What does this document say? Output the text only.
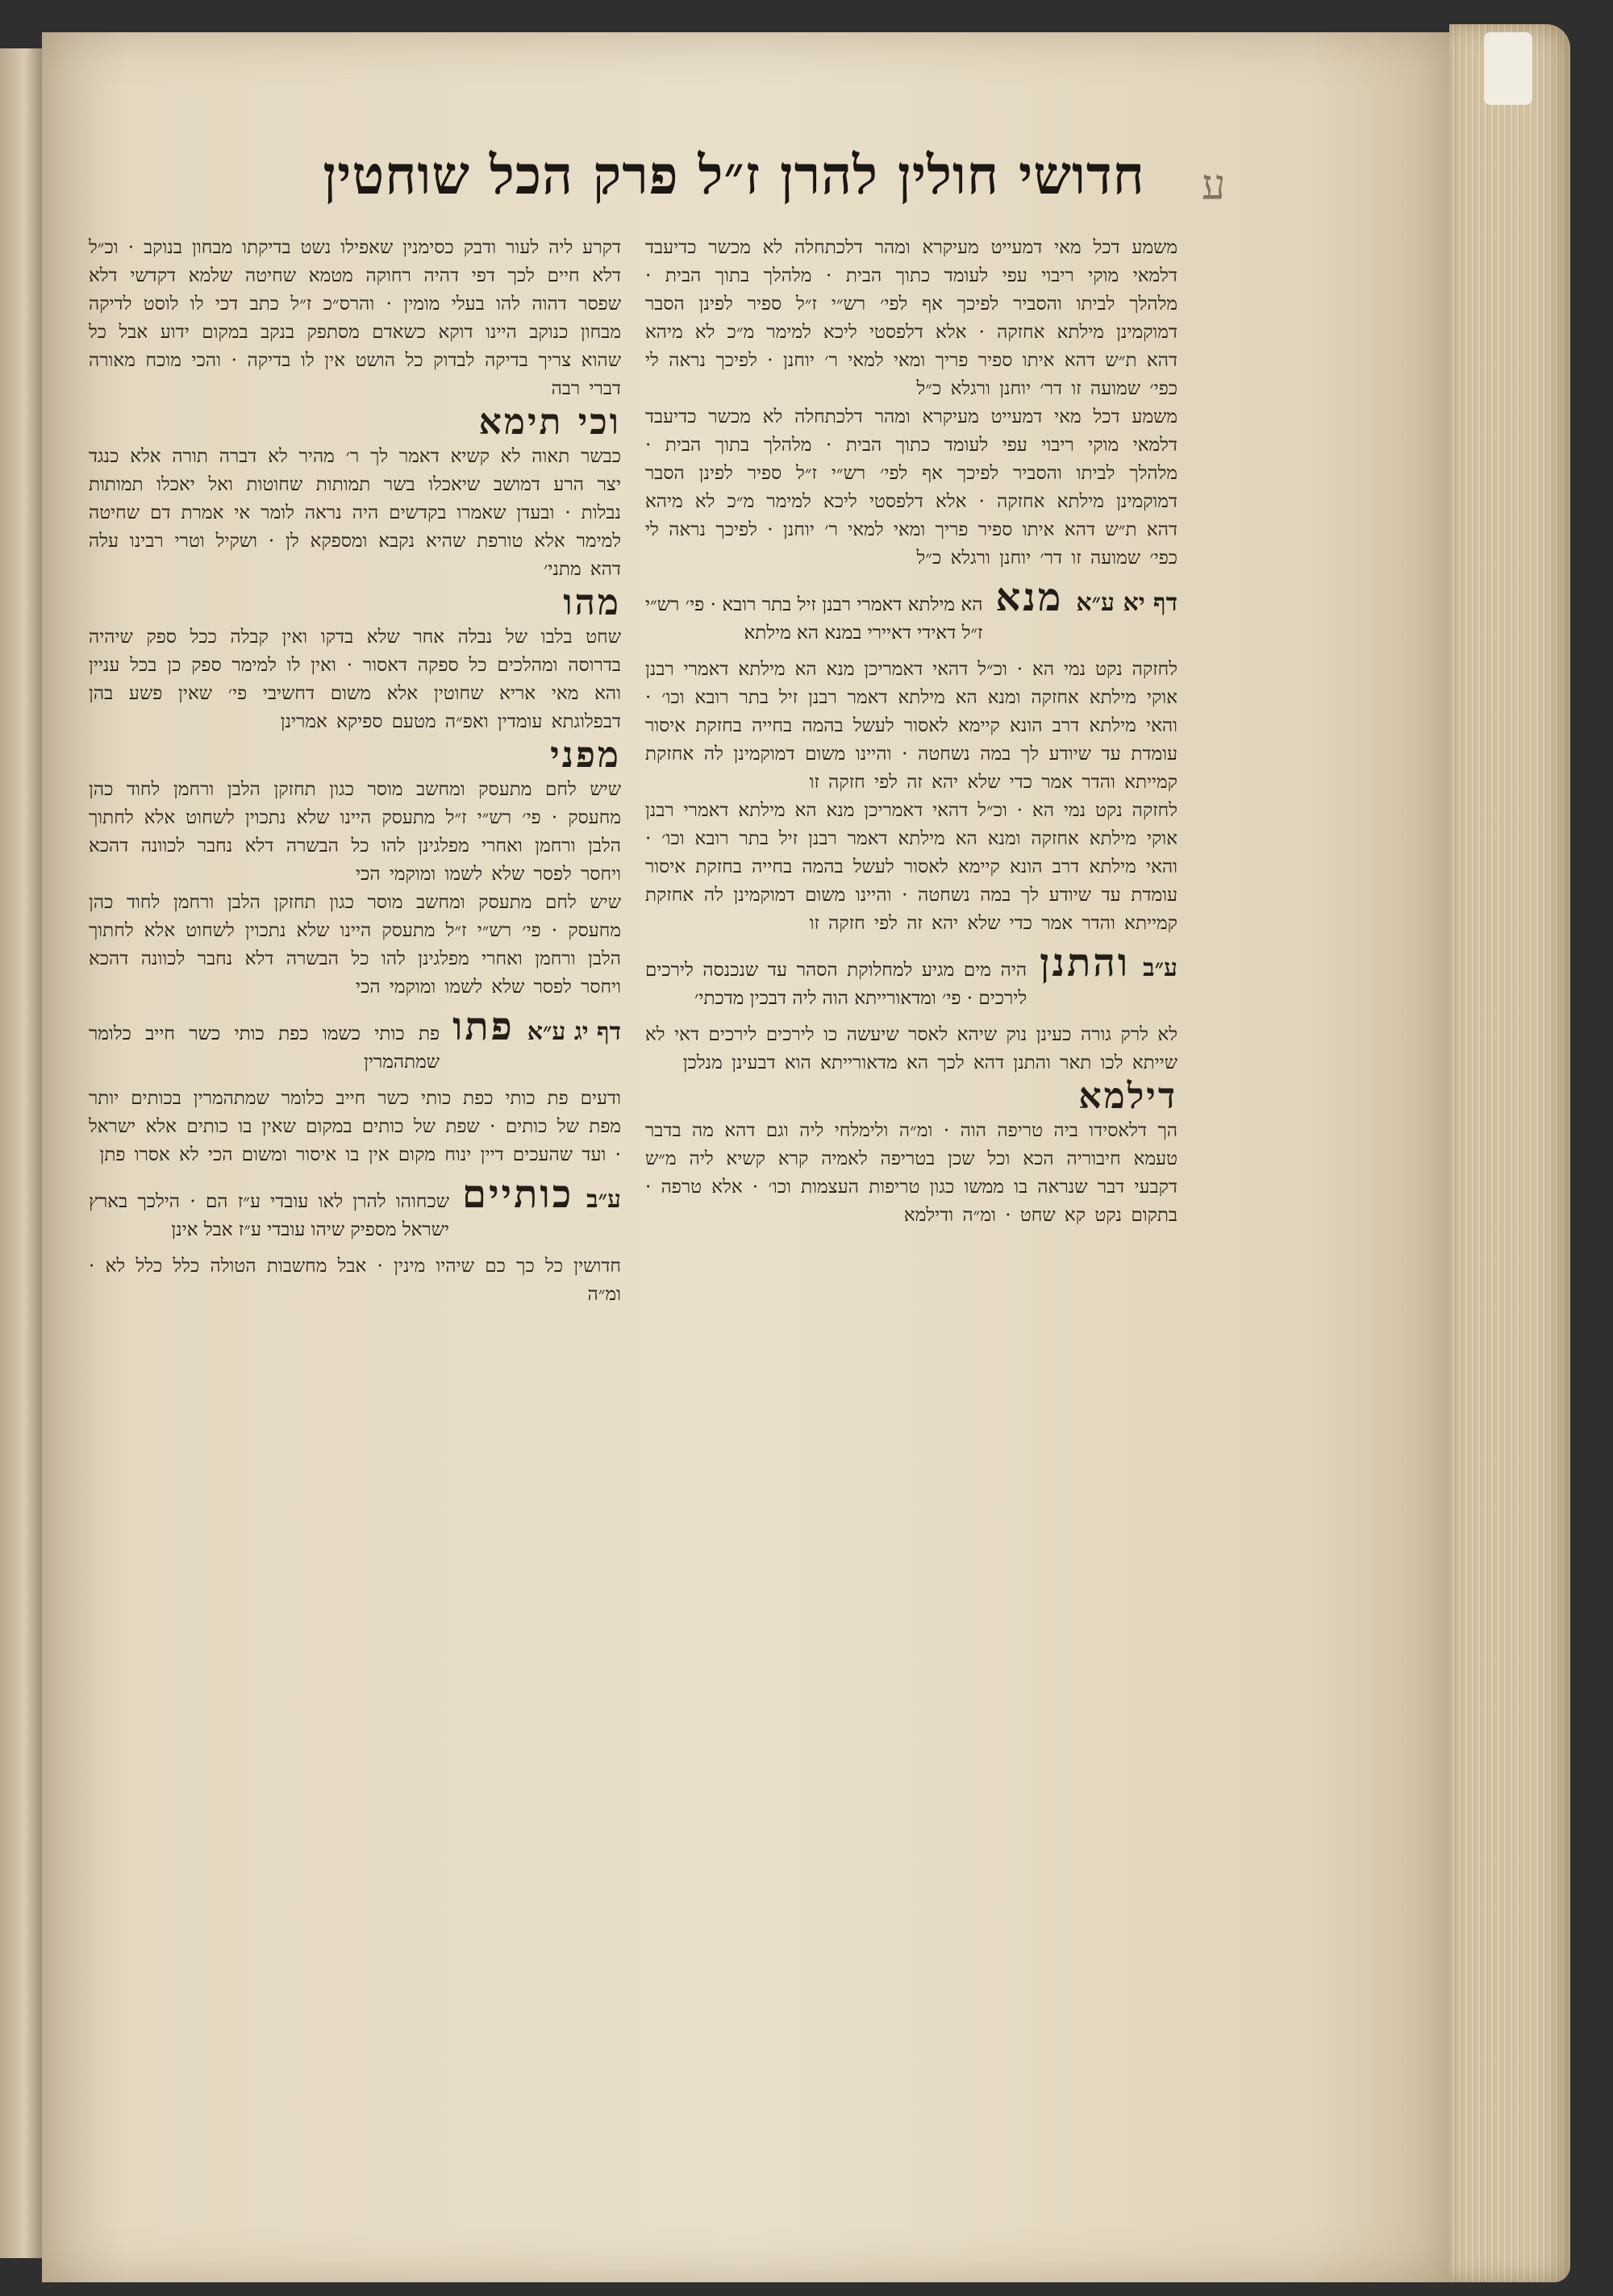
חדושי חולין להרן ז״ל פרק הכל שוחטין	ע

משמע דכל מאי דמעייט מעיקרא ומהר דלכתחלה לא מכשר כדיעבד דלמאי מוקי ריבוי עפי לעומד כתוך הבית · מלהלך בתוך הבית · מלהלך לביתו והסביר לפיכך אף לפי׳ רש״י ז״ל ספיר לפינן הסבר דמוקמינן מילתא אחזקה · אלא דלפסטי ליכא למימר מ״כ לא מיהא דהא ת״ש דהא איתו ספיר פריך ומאי למאי ר׳ יוחנן · לפיכך נראה לי כפי׳ שמועה זו דר׳ יוחנן ורגלא כ״ל

משמע דכל מאי דמעייט מעיקרא ומהר דלכתחלה לא מכשר כדיעבד דלמאי מוקי ריבוי עפי לעומד כתוך הבית · מלהלך בתוך הבית · מלהלך לביתו והסביר לפיכך אף לפי׳ רש״י ז״ל ספיר לפינן הסבר דמוקמינן מילתא אחזקה · אלא דלפסטי ליכא למימר מ״כ לא מיהא דהא ת״ש דהא איתו ספיר פריך ומאי למאי ר׳ יוחנן · לפיכך נראה לי כפי׳ שמועה זו דר׳ יוחנן ורגלא כ״ל

דף יא ע״א
מנא
הא מילתא דאמרי רבנן זיל בתר רובא · פי׳ רש״י ז״ל דאידי דאיירי במנא הא מילתא

לחזקה נקט נמי הא · וכ״ל דהאי דאמריכן מנא הא מילתא דאמרי רבנן אוקי מילתא אחזקה ומנא הא מילתא דאמר רבנן זיל בתר רובא וכו׳ · והאי מילתא דרב הונא קיימא לאסור לעשל בהמה בחייה בחזקת איסור עומדת עד שיודע לך במה נשחטה · והיינו משום דמוקמינן לה אחזקת קמייתא והדר אמר כדי שלא יהא זה לפי חזקה זו

לחזקה נקט נמי הא · וכ״ל דהאי דאמריכן מנא הא מילתא דאמרי רבנן אוקי מילתא אחזקה ומנא הא מילתא דאמר רבנן זיל בתר רובא וכו׳ · והאי מילתא דרב הונא קיימא לאסור לעשל בהמה בחייה בחזקת איסור עומדת עד שיודע לך במה נשחטה · והיינו משום דמוקמינן לה אחזקת קמייתא והדר אמר כדי שלא יהא זה לפי חזקה זו

ע״ב
והתנן
היה מים מגיע למחלוקת הסהר עד שנכנסה לירכים לירכים · פי׳ ומדאורייתא הוה ליה דבכין מדכתי׳

לא לרק גורה כעינן נוק שיהא לאסר שיעשה כו לירכים לירכים דאי לא שייתא לכו תאר והתנן דהא לכך הא מדאורייתא הוא דבעינן מנלכן

דילמא

הך דלאסידו ביה טריפה הוה · ומ״ה ולימלחי ליה וגם דהא מה בדבר טעמא חיבוריה הכא וכל שכן בטריפה לאמיה קרא קשיא ליה מ״ש דקבעי דבר שנראה בו ממשו כגון טריפות העצמות וכו׳ · אלא טרפה · בתקום נקט קא שחט · ומ״ה ודילמא

דקרע ליה לעור ודבק כסימנין שאפילו נשט בדיקתו מבחון בנוקב · וכ״ל דלא חיים לכך דפי דהיה רחוקה מטמא שחיטה שלמא דקדשי דלא שפסר דהוה להו בעלי מומין · והרס״כ ז״ל כתב דכי לו לוסט לדיקה מבחון כנוקב היינו דוקא כשאדם מסתפק בנקב במקום ידוע אבל כל שהוא צריך בדיקה לבדוק כל הושט אין לו בדיקה · והכי מוכח מאורה דברי רבה

וכי תימא

כבשר תאוה לא קשיא דאמר לך ר׳ מהיר לא דברה תורה אלא כנגד יצר הרע דמושב שיאכלו בשר תמותות שחוטות ואל יאכלו תמותות נבלות · ובעדן שאמרו בקדשים היה נראה לומר אי אמרת דם שחיטה למימר אלא טורפת שהיא נקבא ומספקא לן · ושקיל וטרי רבינו עלה דהא מתני׳

מהו

שחט בלבו של נבלה אחר שלא בדקו ואין קבלה ככל ספק שיהיה בדרוסה ומהלכים כל ספקה דאסור · ואין לו למימר ספק כן בכל עניין והא מאי אריא שחוטין אלא משום דחשיבי פי׳ שאין פשע בהן דבפלוגתא עומדין ואפ״ה מטעם ספיקא אמרינן

מפני

שיש לחם מתעסק ומחשב מוסר כגון תחזקן הלבן ורחמן לחוד כהן מחעסק · פי׳ רש״י ז״ל מתעסק היינו שלא נתכוין לשחוט אלא לחתוך הלבן ורחמן ואחרי מפלגינן להו כל הבשרה דלא נחבר לכוונה דהכא ויחסר לפסר שלא לשמו ומוקמי הכי

שיש לחם מתעסק ומחשב מוסר כגון תחזקן הלבן ורחמן לחוד כהן מחעסק · פי׳ רש״י ז״ל מתעסק היינו שלא נתכוין לשחוט אלא לחתוך הלבן ורחמן ואחרי מפלגינן להו כל הבשרה דלא נחבר לכוונה דהכא ויחסר לפסר שלא לשמו ומוקמי הכי

דף יג ע״א
פתו
פת כותי כשמו כפת כותי כשר חייב כלומר שמתהמרין

ודעים פת כותי כפת כותי כשר חייב כלומר שמתהמרין בכותים יותר מפת של כותים · שפת של כותים במקום שאין בו כותים אלא ישראל · ועד שהעכים דיין ינוח מקום אין בו איסור ומשום הכי לא אסרו פתן

ע״ב
כותיים
שכחוהו להרן לאו עובדי ע״ז הם · הילכך בארץ ישראל מספיק שיהו עובדי ע״ז אבל אינן

חדושין כל כך כם שיהיו מינין · אבל מחשבות הטולה כלל כלל לא · ומ״ה
